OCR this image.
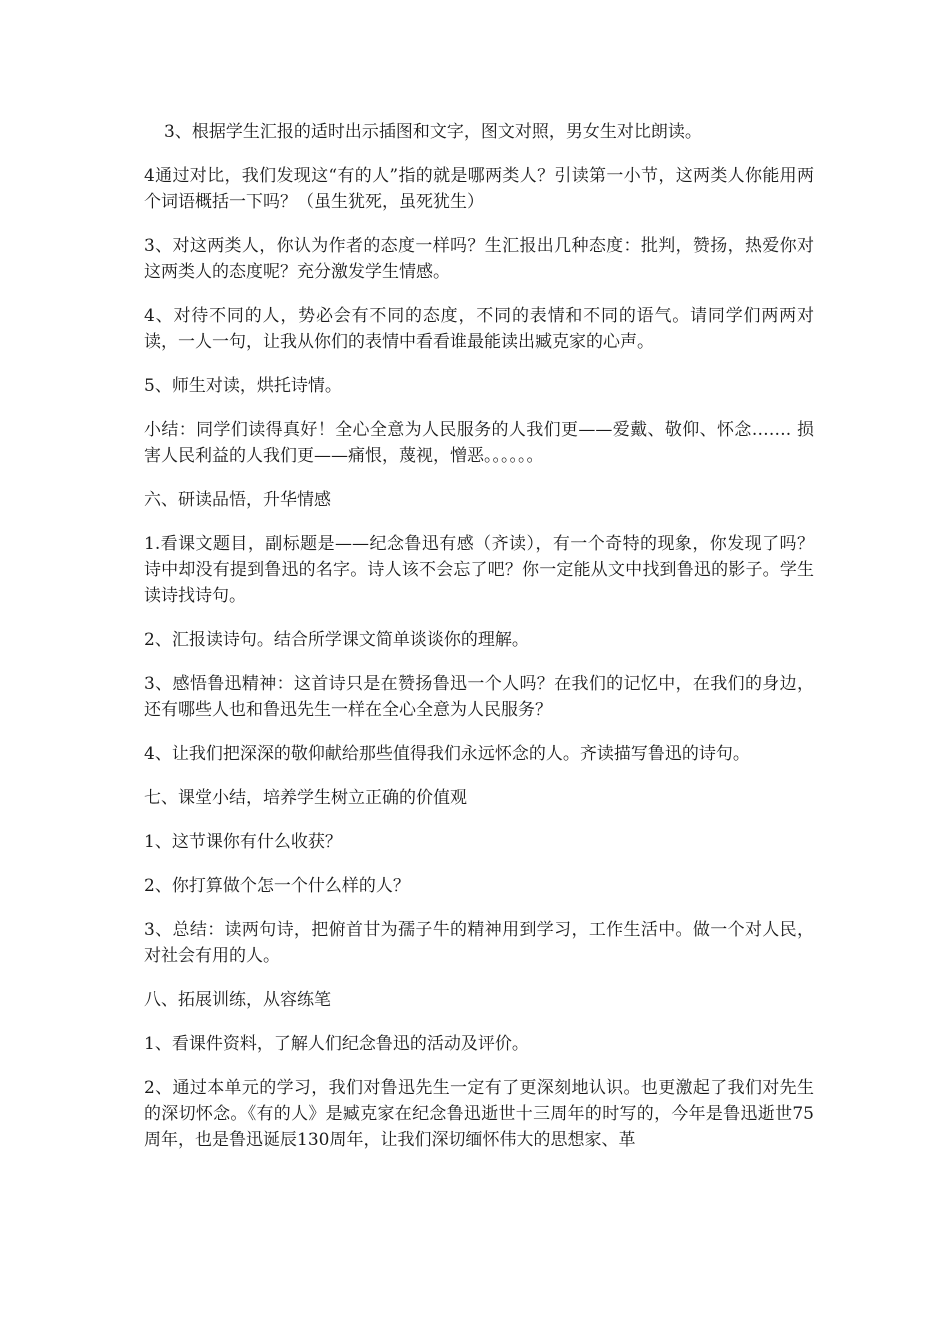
3、根据学生汇报的适时出示插图和文字，图文对照，男女生对比朗读。

4通过对比，我们发现这“有的人”指的就是哪两类人？引读第一小节，这两类人你能用两个词语概括一下吗？（虽生犹死，虽死犹生）

3、对这两类人，你认为作者的态度一样吗？生汇报出几种态度：批判，赞扬，热爱你对这两类人的态度呢？充分激发学生情感。

4、对待不同的人，势必会有不同的态度，不同的表情和不同的语气。请同学们两两对读，一人一句，让我从你们的表情中看看谁最能读出臧克家的心声。

5、师生对读，烘托诗情。

小结：同学们读得真好！全心全意为人民服务的人我们更——爱戴、敬仰、怀念……. 损害人民利益的人我们更——痛恨，蔑视，憎恶。。。。。。

六、研读品悟，升华情感

1.看课文题目，副标题是——纪念鲁迅有感（齐读），有一个奇特的现象，你发现了吗？诗中却没有提到鲁迅的名字。诗人该不会忘了吧？你一定能从文中找到鲁迅的影子。学生读诗找诗句。

2、汇报读诗句。结合所学课文简单谈谈你的理解。

3、感悟鲁迅精神：这首诗只是在赞扬鲁迅一个人吗？在我们的记忆中，在我们的身边，还有哪些人也和鲁迅先生一样在全心全意为人民服务？

4、让我们把深深的敬仰献给那些值得我们永远怀念的人。齐读描写鲁迅的诗句。

七、课堂小结，培养学生树立正确的价值观

1、这节课你有什么收获？

2、你打算做个怎一个什么样的人？

3、总结：读两句诗，把俯首甘为孺子牛的精神用到学习，工作生活中。做一个对人民，对社会有用的人。

八、拓展训练，从容练笔

1、看课件资料，了解人们纪念鲁迅的活动及评价。

2、通过本单元的学习，我们对鲁迅先生一定有了更深刻地认识。也更激起了我们对先生的深切怀念。《有的人》是臧克家在纪念鲁迅逝世十三周年的时写的，今年是鲁迅逝世75周年，也是鲁迅诞辰130周年，让我们深切缅怀伟大的思想家、革
